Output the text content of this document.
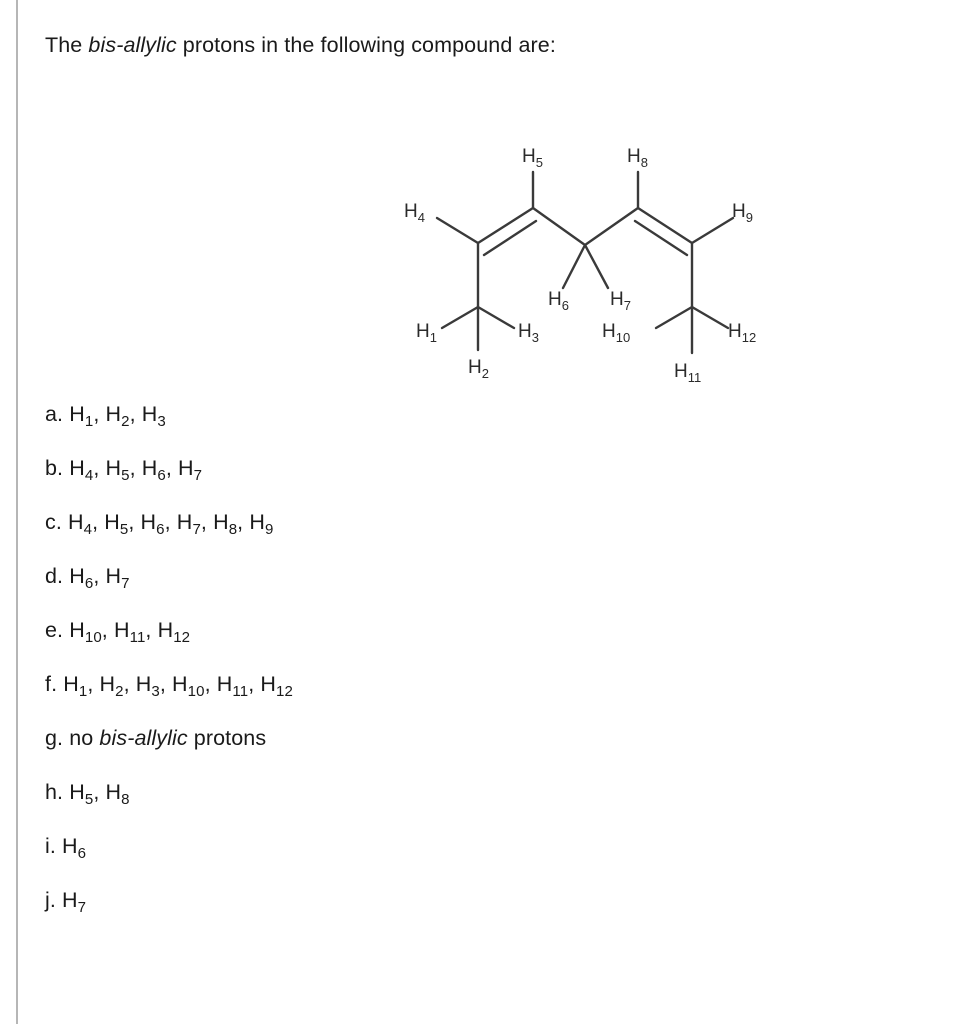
The bis-allylic protons in the following compound are:
$H_1$
$H_2$
$H_3$
$H_4$
$H_5$
$H_6$ $H_7$
$H_8$
$H_9$
$H_{10}$
$H_{11}$
$H_{12}$
a. $H_1$, $H_2$, $H_3$
b. $H_4$, $H_5$, $H_6$, $H_7$
c. $H_4$, $H_5$, $H_6$, $H_7$, $H_8$, $H_9$
d. $H_6$, $H_7$
e. $H_{10}$, $H_{11}$, $H_{12}$
f. $H_1$, $H_2$, $H_3$, $H_{10}$, $H_{11}$, $H_{12}$
g. no bis-allylic protons
h. $H_5$, $H_8$
i. $H_6$
j. $H_7$
